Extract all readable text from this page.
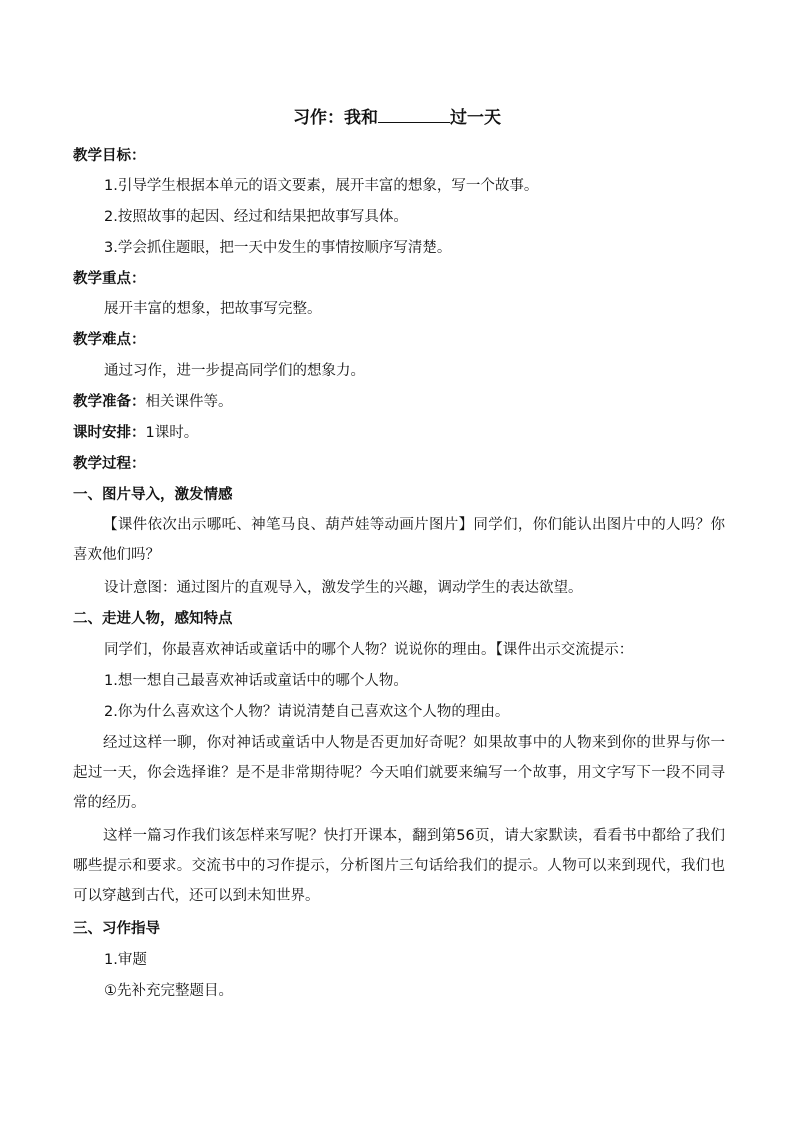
习作：我和	过一天
教学目标：
1.引导学生根据本单元的语文要素，展开丰富的想象，写一个故事。
2.按照故事的起因、经过和结果把故事写具体。
3.学会抓住题眼，把一天中发生的事情按顺序写清楚。
教学重点：
展开丰富的想象，把故事写完整。
教学难点：
通过习作，进一步提高同学们的想象力。
教学准备：相关课件等。
课时安排：1课时。
教学过程：
一、图片导入，激发情感
【课件依次出示哪吒、神笔马良、葫芦娃等动画片图片】同学们，你们能认出图片中的人吗？你喜欢他们吗？
设计意图：通过图片的直观导入，激发学生的兴趣，调动学生的表达欲望。
二、走进人物，感知特点
同学们，你最喜欢神话或童话中的哪个人物？说说你的理由。【课件出示交流提示：
1.想一想自己最喜欢神话或童话中的哪个人物。
2.你为什么喜欢这个人物？请说清楚自己喜欢这个人物的理由。
经过这样一聊，你对神话或童话中人物是否更加好奇呢？如果故事中的人物来到你的世界与你一起过一天，你会选择谁？是不是非常期待呢？今天咱们就要来编写一个故事，用文字写下一段不同寻常的经历。
这样一篇习作我们该怎样来写呢？快打开课本，翻到第56页，请大家默读，看看书中都给了我们哪些提示和要求。交流书中的习作提示，分析图片三句话给我们的提示。人物可以来到现代，我们也可以穿越到古代，还可以到未知世界。
三、习作指导
1.审题
①先补充完整题目。
